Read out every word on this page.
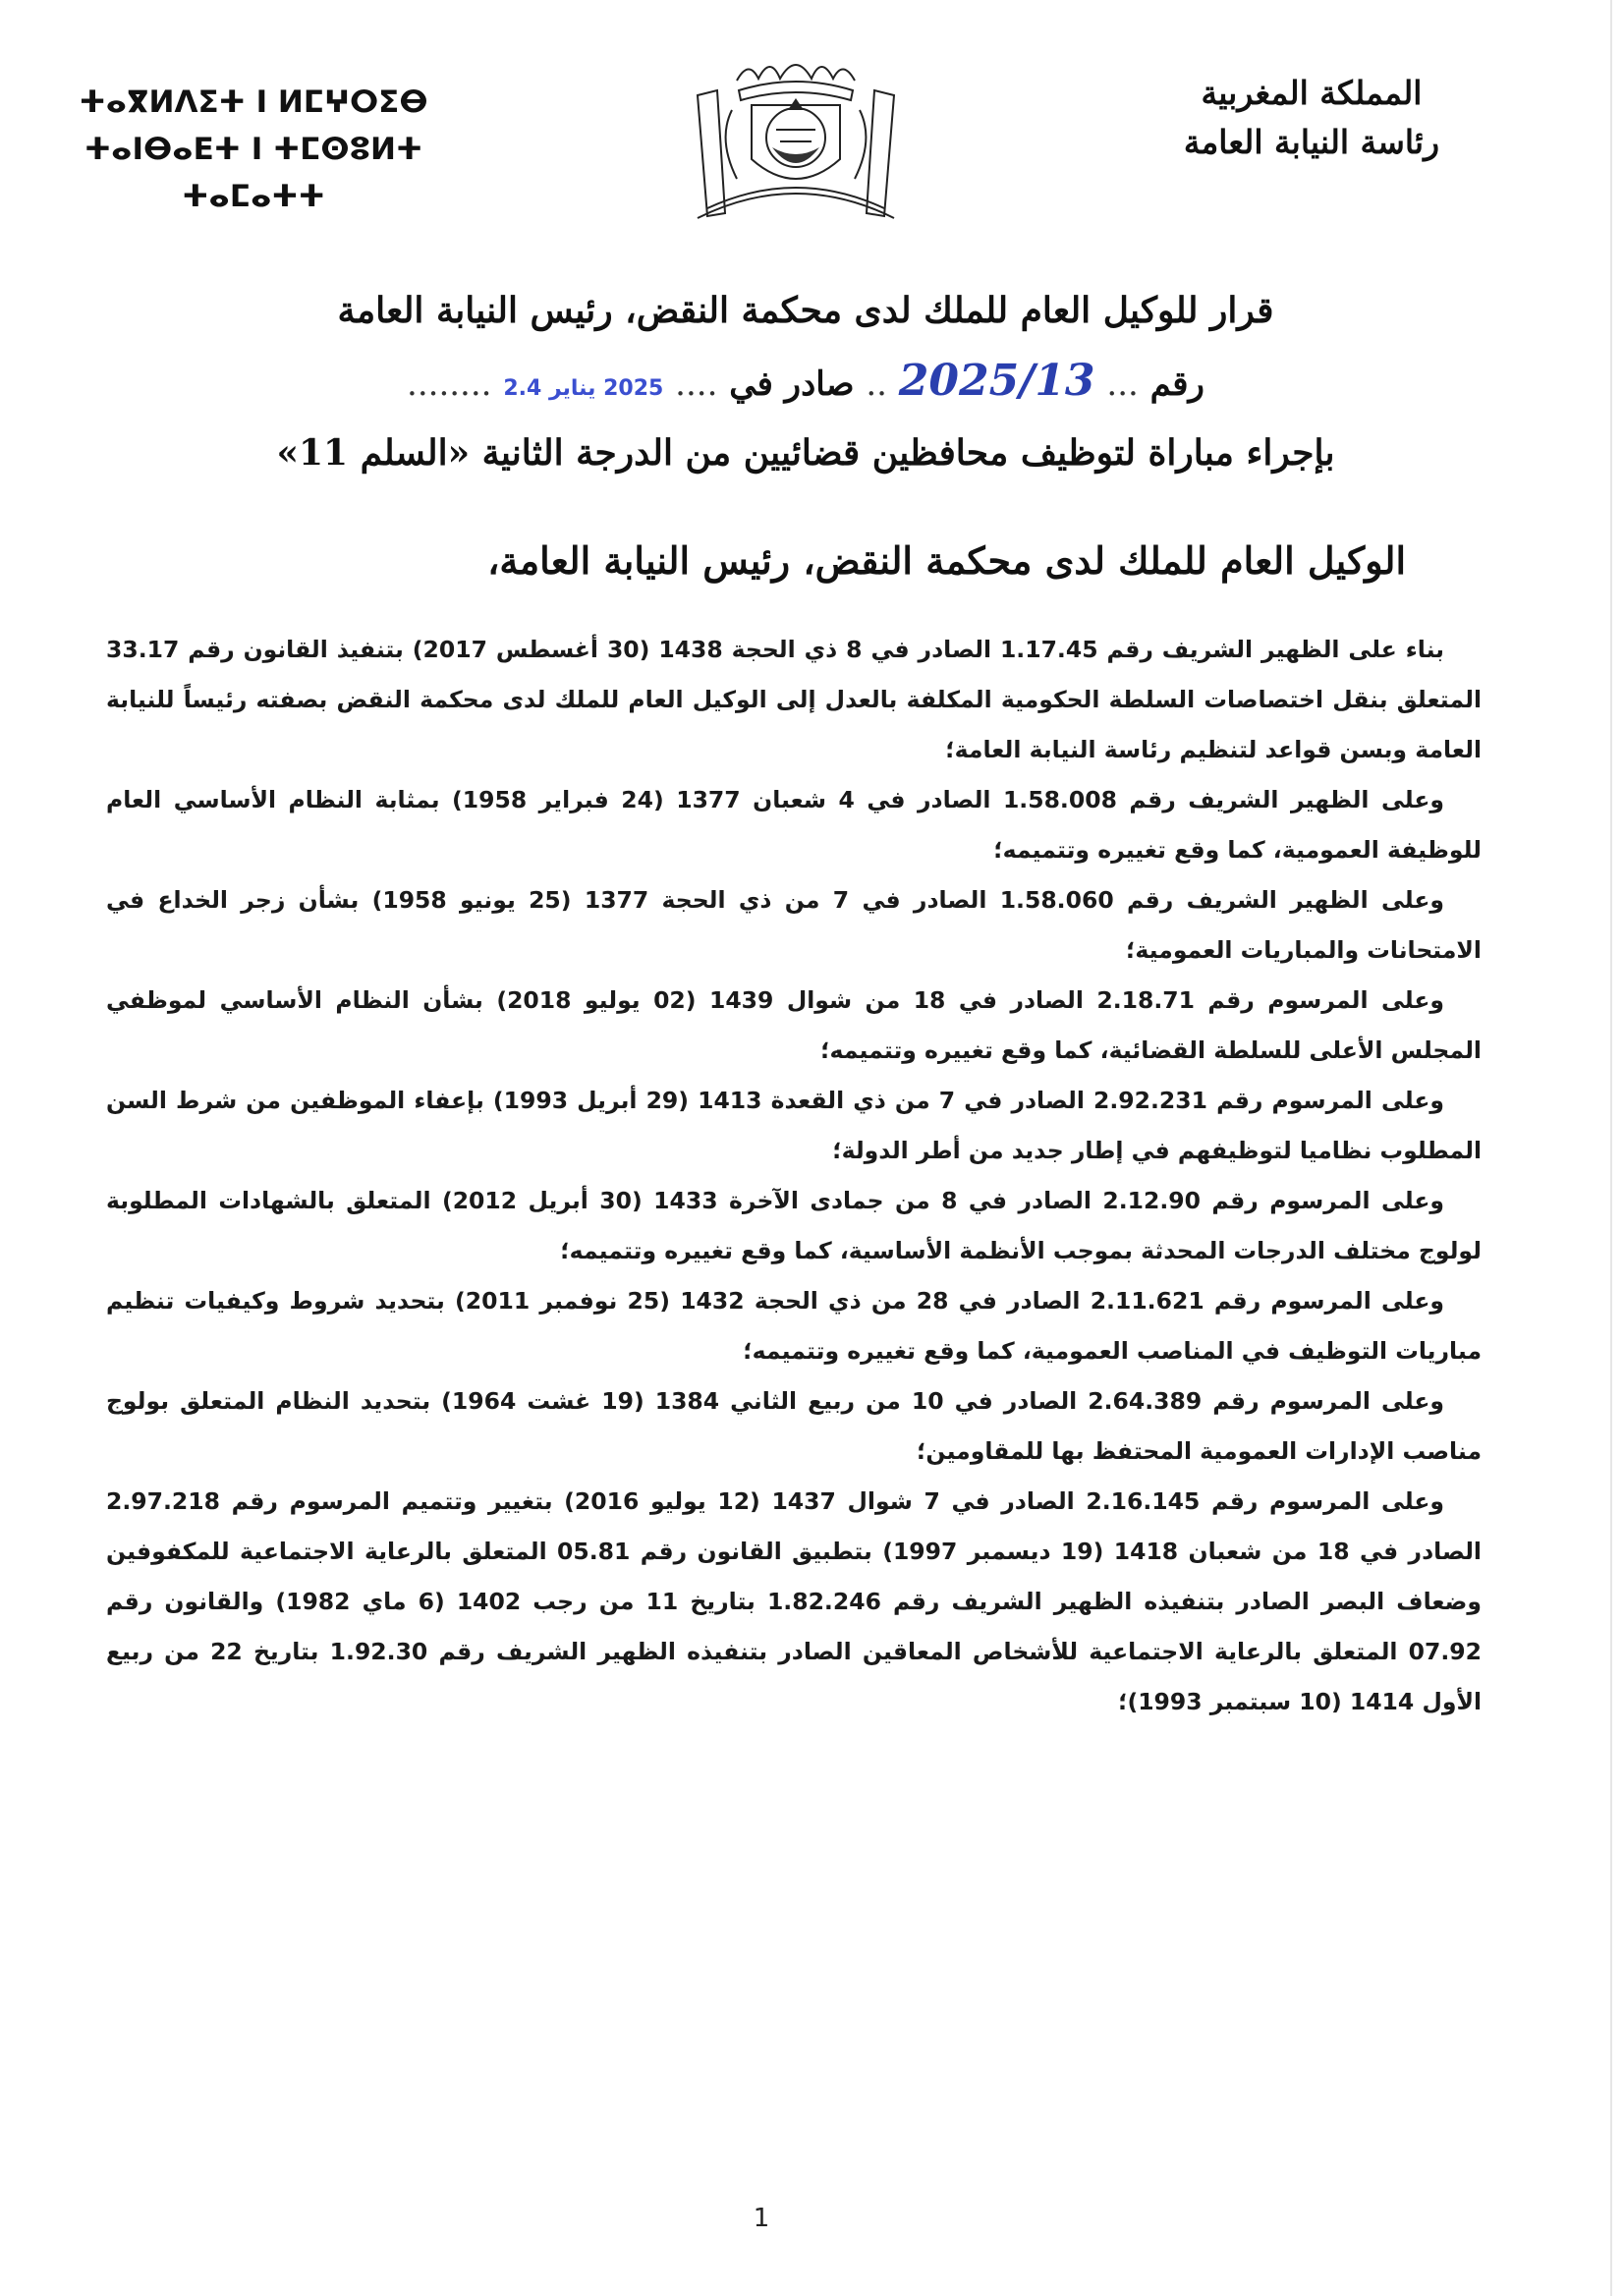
ⵜⴰⴳⵍⴷⵉⵜ ⵏ ⵍⵎⵖⵔⵉⴱ
ⵜⴰⵏⴱⴰⴹⵜ ⵏ ⵜⵎⵙⵓⵍⵜ ⵜⴰⵎⴰⵜⵜ
المملكة المغربية
رئاسة النيابة العامة
قرار للوكيل العام للملك لدى محكمة النقض، رئيس النيابة العامة
رقم ... 2025/13 .. صادر في .... 2025 يناير 2.4 ........
بإجراء مباراة لتوظيف محافظين قضائيين من الدرجة الثانية «السلم 11»
الوكيل العام للملك لدى محكمة النقض، رئيس النيابة العامة،

بناء على الظهير الشريف رقم 1.17.45 الصادر في 8 ذي الحجة 1438 (30 أغسطس 2017) بتنفيذ القانون رقم 33.17 المتعلق بنقل اختصاصات السلطة الحكومية المكلفة بالعدل إلى الوكيل العام للملك لدى محكمة النقض بصفته رئيساً للنيابة العامة وبسن قواعد لتنظيم رئاسة النيابة العامة؛

وعلى الظهير الشريف رقم 1.58.008 الصادر في 4 شعبان 1377 (24 فبراير 1958) بمثابة النظام الأساسي العام للوظيفة العمومية، كما وقع تغييره وتتميمه؛

وعلى الظهير الشريف رقم 1.58.060 الصادر في 7 من ذي الحجة 1377 (25 يونيو 1958) بشأن زجر الخداع في الامتحانات والمباريات العمومية؛

وعلى المرسوم رقم 2.18.71 الصادر في 18 من شوال 1439 (02 يوليو 2018) بشأن النظام الأساسي لموظفي المجلس الأعلى للسلطة القضائية، كما وقع تغييره وتتميمه؛

وعلى المرسوم رقم 2.92.231 الصادر في 7 من ذي القعدة 1413 (29 أبريل 1993) بإعفاء الموظفين من شرط السن المطلوب نظاميا لتوظيفهم في إطار جديد من أطر الدولة؛

وعلى المرسوم رقم 2.12.90 الصادر في 8 من جمادى الآخرة 1433 (30 أبريل 2012) المتعلق بالشهادات المطلوبة لولوج مختلف الدرجات المحدثة بموجب الأنظمة الأساسية، كما وقع تغييره وتتميمه؛

وعلى المرسوم رقم 2.11.621 الصادر في 28 من ذي الحجة 1432 (25 نوفمبر 2011) بتحديد شروط وكيفيات تنظيم مباريات التوظيف في المناصب العمومية، كما وقع تغييره وتتميمه؛

وعلى المرسوم رقم 2.64.389 الصادر في 10 من ربيع الثاني 1384 (19 غشت 1964) بتحديد النظام المتعلق بولوج مناصب الإدارات العمومية المحتفظ بها للمقاومين؛

وعلى المرسوم رقم 2.16.145 الصادر في 7 شوال 1437 (12 يوليو 2016) بتغيير وتتميم المرسوم رقم 2.97.218 الصادر في 18 من شعبان 1418 (19 ديسمبر 1997) بتطبيق القانون رقم 05.81 المتعلق بالرعاية الاجتماعية للمكفوفين وضعاف البصر الصادر بتنفيذه الظهير الشريف رقم 1.82.246 بتاريخ 11 من رجب 1402 (6 ماي 1982) والقانون رقم 07.92 المتعلق بالرعاية الاجتماعية للأشخاص المعاقين الصادر بتنفيذه الظهير الشريف رقم 1.92.30 بتاريخ 22 من ربيع الأول 1414 (10 سبتمبر 1993)؛

1
